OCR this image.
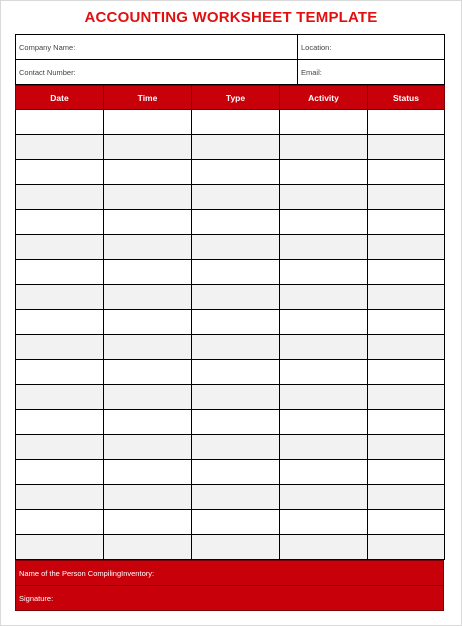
ACCOUNTING WORKSHEET TEMPLATE
Company Name:	Location:
Contact Number:	Email:
Date	Time	Type	Activity	Status

Name of the Person CompilingInventory:
Signature:
